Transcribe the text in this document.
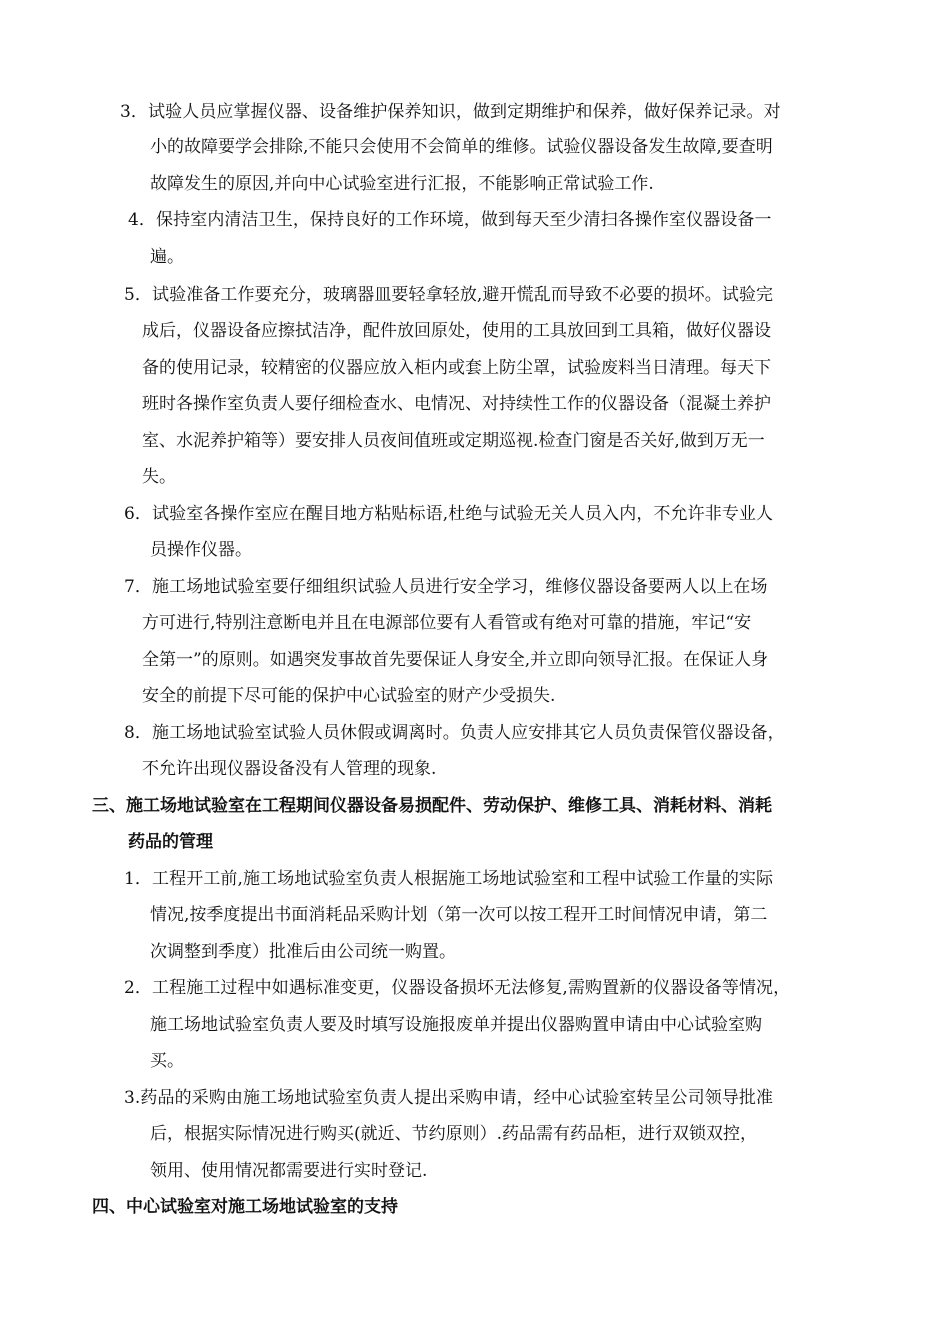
3．试验人员应掌握仪器、设备维护保养知识，做到定期维护和保养，做好保养记录。对
小的故障要学会排除,不能只会使用不会简单的维修。试验仪器设备发生故障,要查明
故障发生的原因,并向中心试验室进行汇报，不能影响正常试验工作.
4．保持室内清洁卫生，保持良好的工作环境，做到每天至少清扫各操作室仪器设备一
遍。
5．试验准备工作要充分，玻璃器皿要轻拿轻放,避开慌乱而导致不必要的损坏。试验完
成后，仪器设备应擦拭洁净，配件放回原处，使用的工具放回到工具箱，做好仪器设
备的使用记录，较精密的仪器应放入柜内或套上防尘罩，试验废料当日清理。每天下
班时各操作室负责人要仔细检查水、电情况、对持续性工作的仪器设备（混凝土养护
室、水泥养护箱等）要安排人员夜间值班或定期巡视.检查门窗是否关好,做到万无一
失。
6．试验室各操作室应在醒目地方粘贴标语,杜绝与试验无关人员入内，不允许非专业人
员操作仪器。
7．施工场地试验室要仔细组织试验人员进行安全学习，维修仪器设备要两人以上在场
方可进行,特别注意断电并且在电源部位要有人看管或有绝对可靠的措施，牢记“安
全第一”的原则。如遇突发事故首先要保证人身安全,并立即向领导汇报。在保证人身
安全的前提下尽可能的保护中心试验室的财产少受损失.
8．施工场地试验室试验人员休假或调离时。负责人应安排其它人员负责保管仪器设备，
不允许出现仪器设备没有人管理的现象.
三、施工场地试验室在工程期间仪器设备易损配件、劳动保护、维修工具、消耗材料、消耗
药品的管理
1．工程开工前,施工场地试验室负责人根据施工场地试验室和工程中试验工作量的实际
情况,按季度提出书面消耗品采购计划（第一次可以按工程开工时间情况申请，第二
次调整到季度）批准后由公司统一购置。
2．工程施工过程中如遇标准变更，仪器设备损坏无法修复,需购置新的仪器设备等情况，
施工场地试验室负责人要及时填写设施报废单并提出仪器购置申请由中心试验室购
买。
3.药品的采购由施工场地试验室负责人提出采购申请，经中心试验室转呈公司领导批准
后，根据实际情况进行购买(就近、节约原则）.药品需有药品柜，进行双锁双控，
领用、使用情况都需要进行实时登记.
四、中心试验室对施工场地试验室的支持
